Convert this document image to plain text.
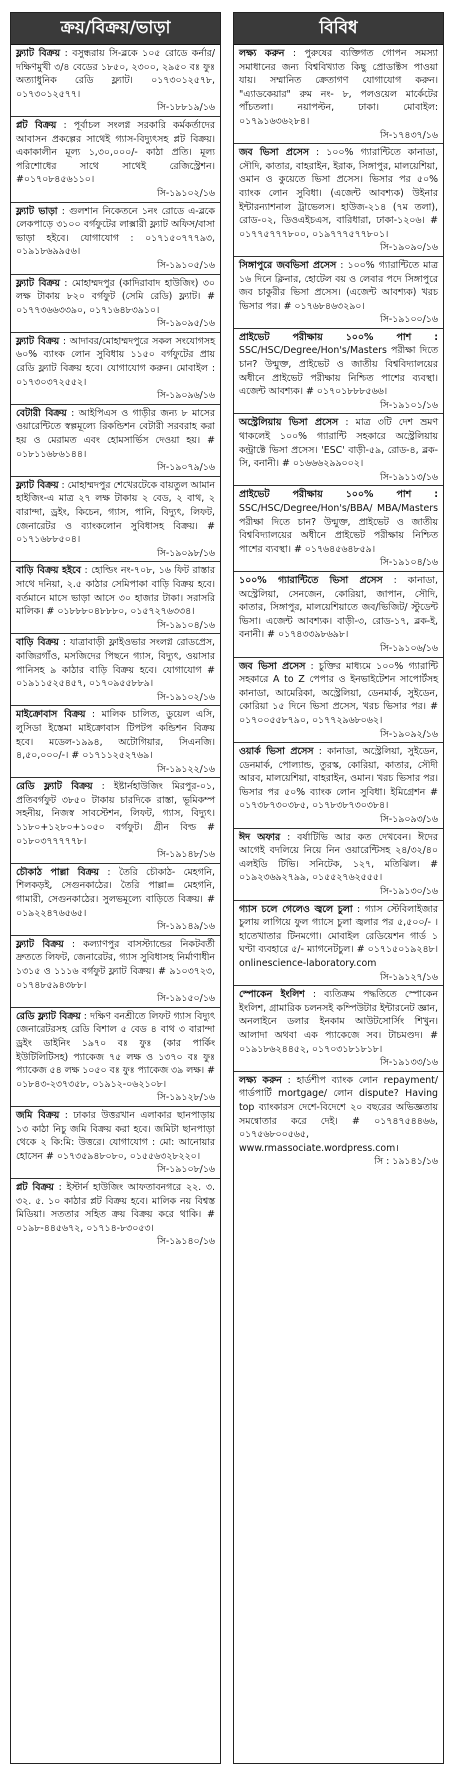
ক্রয়/বিক্রয়/ভাড়া
ফ্ল্যাট বিক্রয় : বসুন্ধরায় সি-ব্লকে ১০৫ রোডে কর্নার/দক্ষিণমুখী ৩/৪ বেডের ১৮৫০, ২৩০০, ২৯৫০ বঃ ফুঃ অত্যাধুনিক রেডি ফ্ল্যাট। ০১৭৩০১২৫৭৮, ০১৭৩০১২৫৭৭।
সি-১৮৮১৯/১৬
প্লট বিক্রয় : পূর্বাচল সংলগ্ন সরকারি কর্মকর্তাদের আবাসন প্রকল্পের সাথেই গ্যাস-বিদ্যুৎসহ প্লট বিক্রয়। একাকালীন মূল্য ১,৩০,০০০/- কাঠা প্রতি। মূল্য পরিশোধের সাথে সাথেই রেজিস্ট্রেশন। #০১৭০৮৪৫৬১১০।
সি-১৯১০২/১৬
ফ্ল্যাট ভাড়া : গুলশান নিকেতনে ১নং রোডে এ-ব্লকে লেকপাড়ে ৩১০০ বর্গফুটের লাক্সারী ফ্ল্যাট অফিস/বাসা ভাড়া হইবে। যোগাযোগ : ০১৭১৫০৭৭৭৯৩, ০১৯১৮৬৯৯৫৬।
সি-১৯১০৫/১৬
ফ্ল্যাট বিক্রয় : মোহাম্মদপুর (কাদিরাবাদ হাউজিং) ৩০ লক্ষ টাকায় ৮২০ বর্গফুট (সেমি রেডি) ফ্ল্যাট। # ০১৭৭৩৬৬৩৩৯০, ০১৭১৬৪৮৩৯১০।
সি-১৯০৯৫/১৬
ফ্ল্যাট বিক্রয় : আদাবর/মোহাম্মদপুরে সকল সংযোগসহ ৬০% ব্যাংক লোন সুবিধায় ১১৫০ বর্গফুটের প্রায় রেডি ফ্ল্যাট বিক্রয় হবে। যোগাযোগ করুন। মোবাইল : ০১৭৩০৩৭২৫৫২।
সি-১৯০৯৬/১৬
বেটারী বিক্রয় : আইপিএস ও গাড়ীর জন্য ৮ মাসের ওয়ারেন্টিতে স্বল্পমূল্যে রিকন্ডিশন বেটারী সরবরাহ করা হয় ও মেরামত এবং হোমসার্ভিস দেওয়া হয়। # ০১৮১১৬৮৬১৪৪।
সি-১৯০৭৯/১৬
ফ্ল্যাট বিক্রয় : মোহাম্মদপুর শেখেরটেকে বায়তুল আমান হাইজিং-এ মাত্র ২৭ লক্ষ টাকায় ২ বেড, ২ বাথ, ২ বারান্দা, ড্রইং, কিচেন, গ্যাস, পানি, বিদ্যুৎ, লিফট, জেনারেটর ও ব্যাংকলোন সুবিধাসহ বিক্রয়। # ০১৭১৬৮৮৫০৪।
সি-১৯০৯৮/১৬
বাড়ি বিক্রয় হইবে : হোল্ডিং নং-৭০৮, ১৬ ফিট রাস্তার সাথে দনিয়া, ২.৫ কাঠার সেমিপাকা বাড়ি বিক্রয় হবে। বর্তমানে মাসে ভাড়া আসে ৩০ হাজার টাকা। সরাসরি মালিক। # ০১৮৮৮০৪৮৮৮০, ০১৫৭২৭৬৩৩৪।
সি-১৯১০৪/১৬
বাড়ি বিক্রয় : যাত্রাবাড়ী ফ্লাইওভার সংলগ্ন রোডপ্রেস, কাজিরগাঁও, মসজিদের পিছনে গ্যাস, বিদ্যুৎ, ওয়াসার পানিসহ ৯ কাঠার বাড়ি বিক্রয় হবে। যোগাযোগ # ০১৯১১৫২৫৪৫৭, ০১৭০৯৫৫৮৮৯।
সি-১৯১০২/১৬
মাইক্রোবাস বিক্রয় : মালিক চালিত, ডুয়েল এসি, লুসিডা ইস্তেমা মাইক্রোবাস টিপটপ কন্ডিশন বিক্রয় হবে। মডেল-১৯৯৪, অটোগিয়ার, সিএনজি। ৪,৫০,০০০/-। # ০১৭১১২৫২৭৬৯।
সি-১৯১২২/১৬
রেডি ফ্ল্যাট বিক্রয় : ইষ্টার্নহাউজিং মিরপুর-০১, প্রতিবর্গফুট ৩৮৫০ টাকায় চারদিকে রাস্তা, ভূমিকম্প সহনীয়, নিজস্ব সাবস্টেশন, লিফট, গ্যাস, বিদ্যুৎ। ১১৮০+১২৮০+১০৫০ বর্গফুট। গ্রীন বিল্ড # ০১৮০৩৭৭৭৭৭৮।
সি-১৯১৪৮/১৬
চৌকাঠ পাল্লা বিক্রয় : তৈরি চৌকাঠ- মেহগনি, শিলকড়ই, সেগুনকাঠের। তৈরি পাল্লা= মেহগনি, গামারী, সেগুনকাঠের। সুলভমূল্যে বাড়িতে বিক্রয়। # ০১৯২২৪৭৬৫৬৫।
সি-১৯১৪৯/১৬
ফ্ল্যাট বিক্রয় : কল্যাণপুর বাসস্ট্যান্ডের নিকটবর্তী দ্রুততে লিফট, জেনারেটর, গ্যাস সুবিধাসহ নির্মাণাধীন ১৩১৫ ও ১১১৬ বর্গফুট ফ্ল্যাট বিক্রয়। # ৯১০৩৭২৩, ০১৭৪৮৫৯৪৩৮৮।
সি-১৯১৫০/১৬
রেডি ফ্ল্যাট বিক্রয় : দক্ষিণ বনশ্রীতে লিফট গ্যাস বিদ্যুৎ জেনারেটরসহ রেডি বিশাল ৫ বেড ৪ বাথ ৩ বারান্দা ড্রইং ডাইনিং ১৯৭০ বঃ ফুঃ (কার পার্কিং ইউটিলিটিসহ) প্যাকেজ ৭৫ লক্ষ ও ১৩৭০ বঃ ফুঃ প্যাকেজ ৫৪ লক্ষ ১০৫০ বঃ ফুঃ প্যাকেজ ৩৯ লক্ষ। # ০১৮৪৩-২৩৭৩৫৮, ০১৯১২-০৬২১০৮।
সি-১৯১২৮/১৬
জমি বিক্রয় : ঢাকার উত্তরখান এলাকার ছানপাড়ায় ১৩ কাঠা নিচু জমি বিক্রয় করা হবে। জমিটা ছানপাড়া থেকে ২ কি:মি: উত্তরে। যোগাযোগ : মো: আনোয়ার হোসেন # ০১৭৩৫৯৪৮০৮০, ০১৫৫৬৩২৮২২০।
সি-১৯১০৮/১৬
প্লট বিক্রয় : ইস্টার্ন হাউজিং আফতাবনগরে ২২. ৩. ৩২. ৫. ১০ কাঠার প্লট বিক্রয় হবে। মালিক নয় বিশ্বস্ত মিডিয়া। সততার সহিত ক্রয় বিক্রয় করে থাকি। # ০১৯৮-৪৪৫৬৭২, ০১৭১৪-৮৩০৫৩।
সি-১৯১৪০/১৬
বিবিধ
লক্ষ্য করুন : পুরুষের ব্যক্তিগত গোপন সমস্যা সমাধানের জন্য বিশ্ববিখ্যাত কিছু প্রোডাক্টস পাওয়া যায়। সম্মানিত ক্রেতাগণ যোগাযোগ করুন। "এ্যাডকেয়ার" রুম নং- ৮, পলওয়েল মার্কেটের পাঁচতলা। নয়াপল্টন, ঢাকা। মোবাইল: ০১৭৯১৬৩৬২৮৪।
সি-১৭৪৩৭/১৬
জব ভিসা প্রসেস : ১০০% গ্যারান্টিতে কানাডা, সৌদি, কাতার, বাহরাইন, ইরাক, সিঙ্গাপুর, মালয়েশিয়া, ওমান ও কুয়েতে ভিসা প্রসেস। ভিসার পর ৫০% ব্যাংক লোন সুবিধা। (এজেন্ট আবশ্যক) উইনার ইন্টারন্যাশনাল ট্রাভেলস। হাউজ-২১৪ (৭ম তলা), রোড-০২, ডিওএইচএস, বারিধারা, ঢাকা-১২০৬। # ০১৭৭৫৭৭৭৮০০, ০১৯৭৭৭৫৭৭৮০১।
সি-১৯০৯০/১৬
সিঙ্গাপুরে জবভিসা প্রসেস : ১০০% গ্যারান্টিতে মাত্র ১৬ দিনে ক্লিনার, হোটেল বয় ও লেবার পদে সিঙ্গাপুরে জব চাকুরীর ভিসা প্রসেস। (এজেন্ট আবশ্যক) খরচ ভিসার পর। # ০১৭৬৮৪৬৩২৯০।
সি-১৯১০০/১৬
প্রাইভেট পরীক্ষায় ১০০% পাশ : SSC/HSC/Degree/Hon's/Masters পরীক্ষা দিতে চান? উন্মুক্ত, প্রাইভেট ও জাতীয় বিশ্ববিদ্যালয়ের অধীনে প্রাইভেট পরীক্ষায় নিশ্চিত পাশের ব্যবস্থা। এজেন্ট আবশ্যক। # ০১৭০১৮৮৮৫৬৬।
সি-১৯১০১/১৬
অস্ট্রেলিয়ায় ভিসা প্রসেস : মাত্র ৩টি দেশ ভ্রমণ থাকলেই ১০০% গ্যারান্টি সহকারে অস্ট্রেলিয়ায় কন্ট্রাক্টে ভিসা প্রসেস। 'ESC' বাড়ী-৫৯, রোড-৪, ব্লক-সি, বনানী। # ০১৬৬৬২৯৯০০২।
সি-১৯১১৩/১৬
প্রাইভেট পরীক্ষায় ১০০% পাশ : SSC/HSC/Degree/Hon's/BBA/ MBA/Masters পরীক্ষা দিতে চান? উন্মুক্ত, প্রাইভেট ও জাতীয় বিশ্ববিদ্যালয়ের অধীনে প্রাইভেট পরীক্ষায় নিশ্চিত পাশের ব্যবস্থা। # ০১৭৬৪৫৬৪৮৫৯।
সি-১৯১০৪/১৬
১০০% গ্যারান্টিতে ভিসা প্রসেস : কানাডা, অস্ট্রেলিয়া, সেনজেন, কোরিয়া, জাপান, সৌদি, কাতার, সিঙ্গাপুর, মালয়েশিয়াতে জব/ভিজিট/ স্টুডেন্ট ভিসা। এজেন্ট আবশ্যক। বাড়ী-৩, রোড-১৭, ব্লক-ই, বনানী। # ০১৭৪৩৩৯৮৬৯৮।
সি-১৯১০৬/১৬
জব ভিসা প্রসেস : চুক্তির মাধ্যমে ১০০% গ্যারান্টি সহকারে A to Z পেপার ও ইনভাইটেশন সাপোর্টসহ কানাডা, আমেরিকা, অস্ট্রেলিয়া, ডেনমার্ক, সুইডেন, কোরিয়া ১৫ দিনে ভিসা প্রসেস, খরচ ভিসার পর। # ০১৭০০৫৫৮৭৯০, ০১৭৭২৯৬৮০৬২।
সি-১৯০৯২/১৬
ওয়ার্ক ভিসা প্রসেস : কানাডা, অস্ট্রেলিয়া, সুইডেন, ডেনমার্ক, পোল্যান্ড, তুরস্ক, কোরিয়া, কাতার, সৌদী আরব, মালয়েশিয়া, বাহরাইন, ওমান। খরচ ভিসার পর। ভিসার পর ৫০% ব্যাংক লোন সুবিধা। ইমিগ্রেশন # ০১৭৩৮৭৩০৩৮৫, ০১৭৮৩৮৭৩০৩৮৪।
সি-১৯০৯৩/১৬
ঈদ অফার : বর্ষাটিভি আর কত দেখবেন। ঈদের আগেই বদলিয়ে নিয়ে নিন ওয়ারেন্টিসহ ২৪/৩২/৪০ এলইডি টিভি। সনিটেক, ১২৭, মতিঝিল। # ০১৯২৩৬৯২৭৯৯, ০১৫৫২৭৬২৫৫৫।
সি-১৯১৩০/১৬
গ্যাস চলে গেলেও জ্বলে চুলা : গ্যাস স্টেবিলাইজার চুলায় লাগিয়ে ফুল গ্যাসে চুলা জ্বলার পর ৫,৫০০/- । হাতেখাতার টিনমগো। মোবাইল রেডিয়েশন গার্ড ১ ঘণ্টা ব্যবহারে ৫/- ম্যাগনেটচুল। # ০১৭১৫০১৯২৪৮। onlinescience-laboratory.com
সি-১৯১২৭/১৬
স্পোকেন ইংলিশ : ব্যতিক্রম পদ্ধতিতে স্পোকেন ইংলিশ, গ্রামারিক চলনসই কম্পিউটার ইন্টারনেট জ্ঞান, অনলাইনে ডলার ইনকাম আউটসোর্সিং শিখুন। আলাদা অথবা এক প্যাকেজে সব। টাচমণ্ডদ। # ০১৯১৮৬২৪৪৫২, ০১৭০৩১৮১৮১৮।
সি-১৯১৩৩/১৬
লক্ষ্য করুন : হার্ডশীপ ব্যাংক লোন repayment/ গার্ডপার্টি mortgage/ লোন dispute? Having top ব্যাংকারস দেশে-বিদেশে ২০ বছরের অভিজ্ঞতায় সমন্বোতার করে দেই। # ০১৭৪৭৫৪৪৬৬, ০১৭৫৬৮০০৫৬৫, www.rmassociate.wordpress.com।
সি : ১৯১৪১/১৬
